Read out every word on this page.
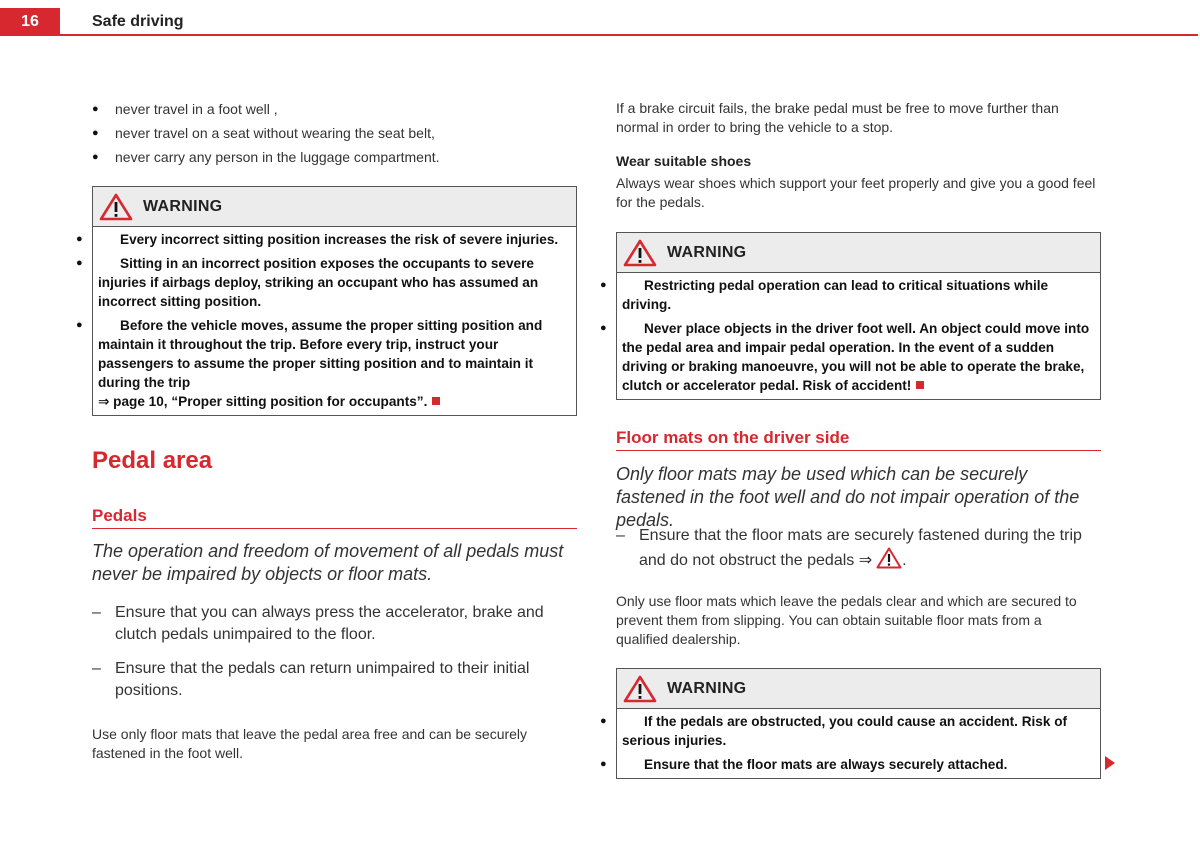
16	Safe driving
● never travel in a foot well ,
● never travel on a seat without wearing the seat belt,
● never carry any person in the luggage compartment.
WARNING
● Every incorrect sitting position increases the risk of severe injuries.
● Sitting in an incorrect position exposes the occupants to severe injuries if airbags deploy, striking an occupant who has assumed an incorrect sitting position.
● Before the vehicle moves, assume the proper sitting position and maintain it throughout the trip. Before every trip, instruct your passengers to assume the proper sitting position and to maintain it during the trip
⇒ page 10, “Proper sitting position for occupants”.
Pedal area
Pedals
The operation and freedom of movement of all pedals must never be impaired by objects or floor mats.
– Ensure that you can always press the accelerator, brake and clutch pedals unimpaired to the floor.
– Ensure that the pedals can return unimpaired to their initial positions.
Use only floor mats that leave the pedal area free and can be securely fastened in the foot well.
If a brake circuit fails, the brake pedal must be free to move further than normal in order to bring the vehicle to a stop.
Wear suitable shoes
Always wear shoes which support your feet properly and give you a good feel for the pedals.
WARNING
● Restricting pedal operation can lead to critical situations while driving.
● Never place objects in the driver foot well. An object could move into the pedal area and impair pedal operation. In the event of a sudden driving or braking manoeuvre, you will not be able to operate the brake, clutch or accelerator pedal. Risk of accident!
Floor mats on the driver side
Only floor mats may be used which can be securely fastened in the foot well and do not impair operation of the pedals.
– Ensure that the floor mats are securely fastened during the trip and do not obstruct the pedals ⇒ .
Only use floor mats which leave the pedals clear and which are secured to prevent them from slipping. You can obtain suitable floor mats from a qualified dealership.
WARNING
● If the pedals are obstructed, you could cause an accident. Risk of serious injuries.
● Ensure that the floor mats are always securely attached.
